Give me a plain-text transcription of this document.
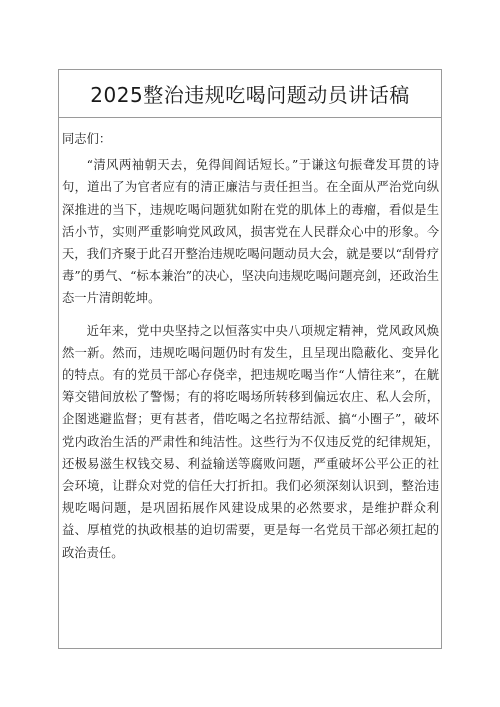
2025整治违规吃喝问题动员讲话稿

同志们：

“清风两袖朝天去，免得闾阎话短长。”于谦这句振聋发耳贯的诗句，道出了为官者应有的清正廉洁与责任担当。在全面从严治党向纵深推进的当下，违规吃喝问题犹如附在党的肌体上的毒瘤，看似是生活小节，实则严重影响党风政风，损害党在人民群众心中的形象。今天，我们齐聚于此召开整治违规吃喝问题动员大会，就是要以“刮骨疗毒”的勇气、“标本兼治”的决心，坚决向违规吃喝问题亮剑，还政治生态一片清朗乾坤。

近年来，党中央坚持之以恒落实中央八项规定精神，党风政风焕然一新。然而，违规吃喝问题仍时有发生，且呈现出隐蔽化、变异化的特点。有的党员干部心存侥幸，把违规吃喝当作“人情往来”，在觥筹交错间放松了警惕；有的将吃喝场所转移到偏远农庄、私人会所，企图逃避监督；更有甚者，借吃喝之名拉帮结派、搞“小圈子”，破坏党内政治生活的严肃性和纯洁性。这些行为不仅违反党的纪律规矩，还极易滋生权钱交易、利益输送等腐败问题，严重破坏公平公正的社会环境，让群众对党的信任大打折扣。我们必须深刻认识到，整治违规吃喝问题，是巩固拓展作风建设成果的必然要求，是维护群众利益、厚植党的执政根基的迫切需要，更是每一名党员干部必须扛起的政治责任。
